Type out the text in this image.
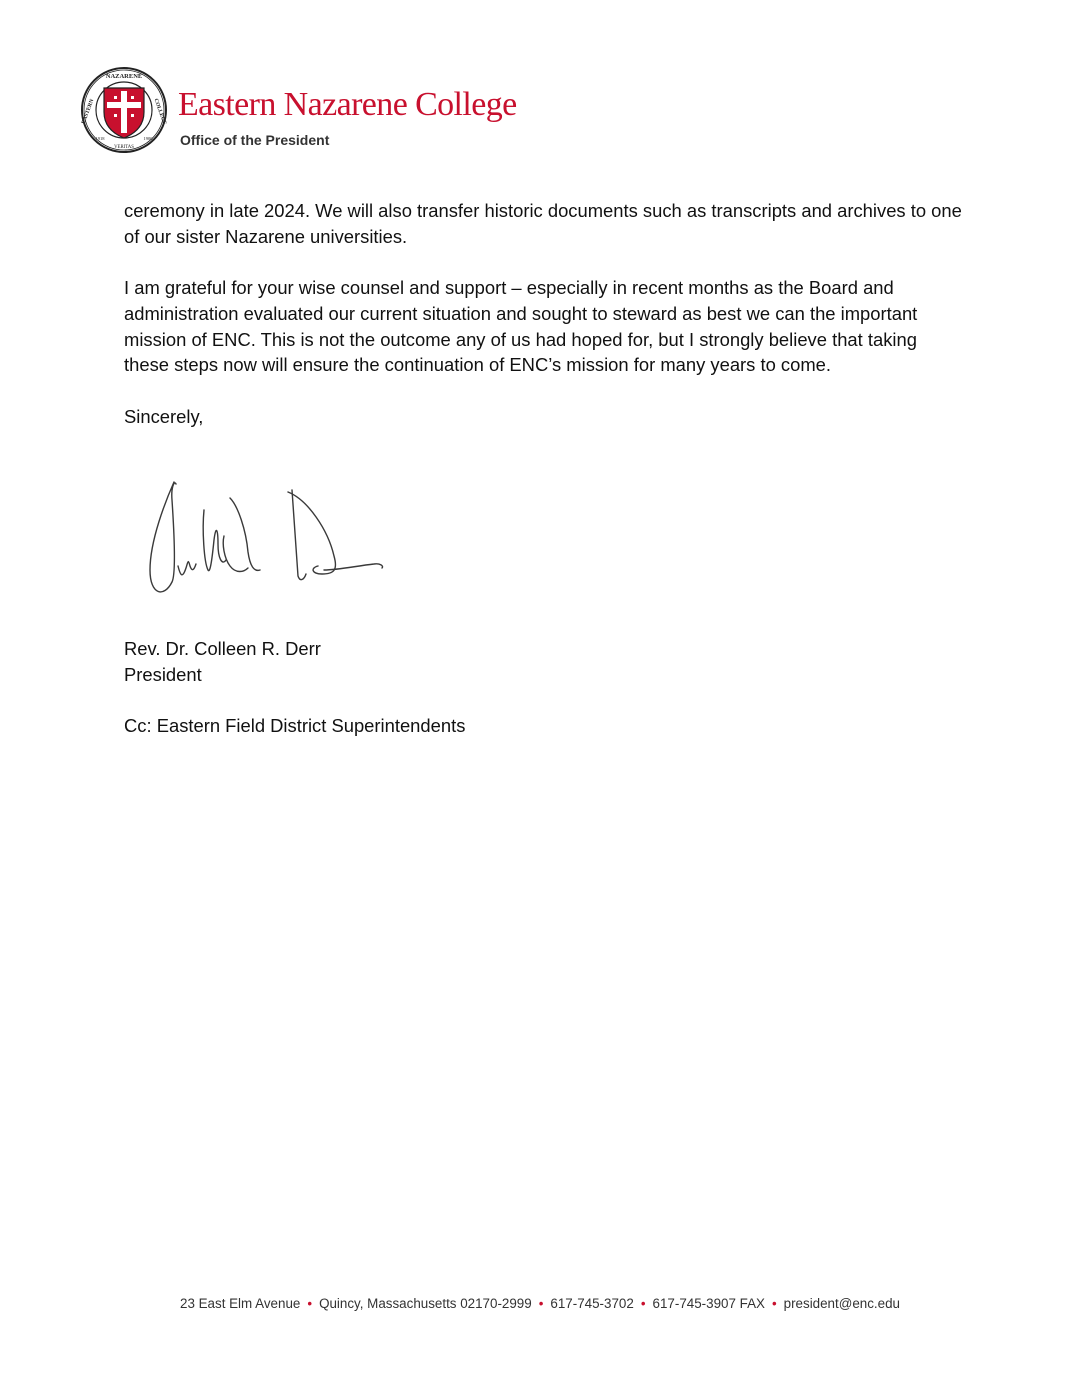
NAZARENE
EASTERN	COLLEGE
1918	1900
VERITAS
Eastern Nazarene College
Office of the President

ceremony in late 2024. We will also transfer historic documents such as transcripts and archives to one of our sister Nazarene universities.

I am grateful for your wise counsel and support – especially in recent months as the Board and administration evaluated our current situation and sought to steward as best we can the important mission of ENC. This is not the outcome any of us had hoped for, but I strongly believe that taking these steps now will ensure the continuation of ENC’s mission for many years to come.

Sincerely,

Rev. Dr. Colleen R. Derr
President
Cc: Eastern Field District Superintendents
23 East Elm Avenue • Quincy, Massachusetts 02170-2999 • 617-745-3702 • 617-745-3907 FAX • president@enc.edu
